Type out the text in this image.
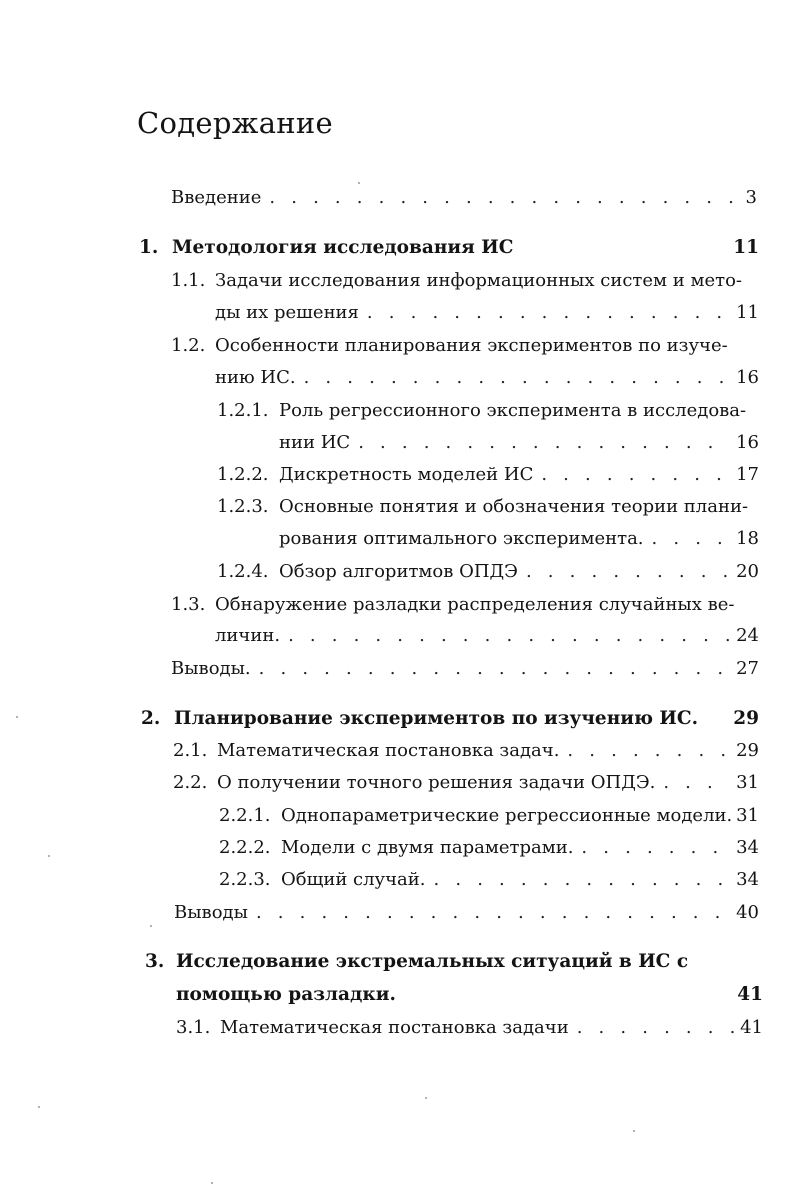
Содержание
Введение . . .	3
1. Методология исследования ИС	11
1.1. Задачи исследования информационных систем и мето-
ды их решения . . .	11
1.2. Особенности планирования экспериментов по изуче-
нию ИС. . . .	16
1.2.1. Роль регрессионного эксперимента в исследова-
нии ИС . . .	16
1.2.2. Дискретность моделей ИС . . .	17
1.2.3. Основные понятия и обозначения теории плани-
рования оптимального эксперимента. . . .	18
1.2.4. Обзор алгоритмов ОПДЭ . . .	20
1.3. Обнаружение разладки распределения случайных ве-
личин. . . .	24
Выводы. . . .	27
2. Планирование экспериментов по изучению ИС. 29
2.1. Математическая постановка задач. . . .	29
2.2. О получении точного решения задачи ОПДЭ. . . .	31
2.2.1. Однопараметрические регрессионные модели. 31
2.2.2. Модели с двумя параметрами. . . .	34
2.2.3. Общий случай. . . .	34
Выводы . . .	40
3. Исследование экстремальных ситуаций в ИС с
помощью разладки.	41
3.1. Математическая постановка задачи . . .	41
